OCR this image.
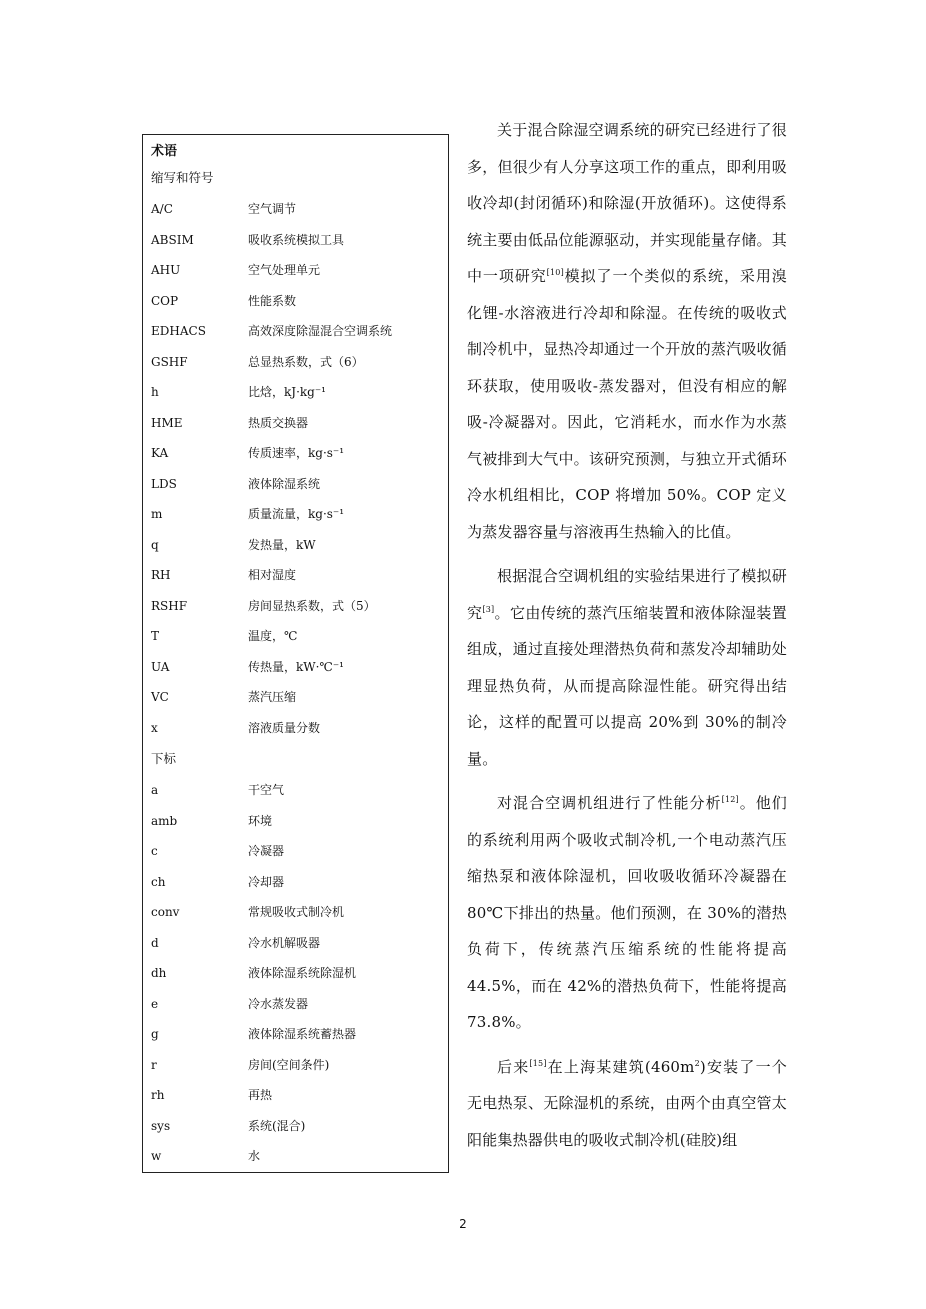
术语
缩写和符号
A/C	空气调节
ABSIM	吸收系统模拟工具
AHU	空气处理单元
COP	性能系数
EDHACS	高效深度除湿混合空调系统
GSHF	总显热系数，式（6）
h	比焓，kJ·kg⁻¹
HME	热质交换器
KA	传质速率，kg·s⁻¹
LDS	液体除湿系统
m	质量流量，kg·s⁻¹
q	发热量，kW
RH	相对湿度
RSHF	房间显热系数，式（5）
T	温度，℃
UA	传热量，kW·℃⁻¹
VC	蒸汽压缩
x	溶液质量分数
下标
a	干空气
amb	环境
c	冷凝器
ch	冷却器
conv	常规吸收式制冷机
d	冷水机解吸器
dh	液体除湿系统除湿机
e	冷水蒸发器
g	液体除湿系统蓄热器
r	房间(空间条件)
rh	再热
sys	系统(混合)
w	水

关于混合除湿空调系统的研究已经进行了很多，但很少有人分享这项工作的重点，即利用吸收冷却(封闭循环)和除湿(开放循环)。这使得系统主要由低品位能源驱动，并实现能量存储。其中一项研究[10]模拟了一个类似的系统，采用溴化锂-水溶液进行冷却和除湿。在传统的吸收式制冷机中，显热冷却通过一个开放的蒸汽吸收循环获取，使用吸收-蒸发器对，但没有相应的解吸-冷凝器对。因此，它消耗水，而水作为水蒸气被排到大气中。该研究预测，与独立开式循环冷水机组相比，COP 将增加 50%。COP 定义为蒸发器容量与溶液再生热输入的比值。

根据混合空调机组的实验结果进行了模拟研究[3]。它由传统的蒸汽压缩装置和液体除湿装置组成，通过直接处理潜热负荷和蒸发冷却辅助处理显热负荷，从而提高除湿性能。研究得出结论，这样的配置可以提高 20%到 30%的制冷量。

对混合空调机组进行了性能分析[12]。他们的系统利用两个吸收式制冷机,一个电动蒸汽压缩热泵和液体除湿机，回收吸收循环冷凝器在 80℃下排出的热量。他们预测，在 30%的潜热负荷下，传统蒸汽压缩系统的性能将提高 44.5%，而在 42%的潜热负荷下，性能将提高 73.8%。

后来[15]在上海某建筑$(460m^2)$安装了一个无电热泵、无除湿机的系统，由两个由真空管太阳能集热器供电的吸收式制冷机(硅胶)组

2
